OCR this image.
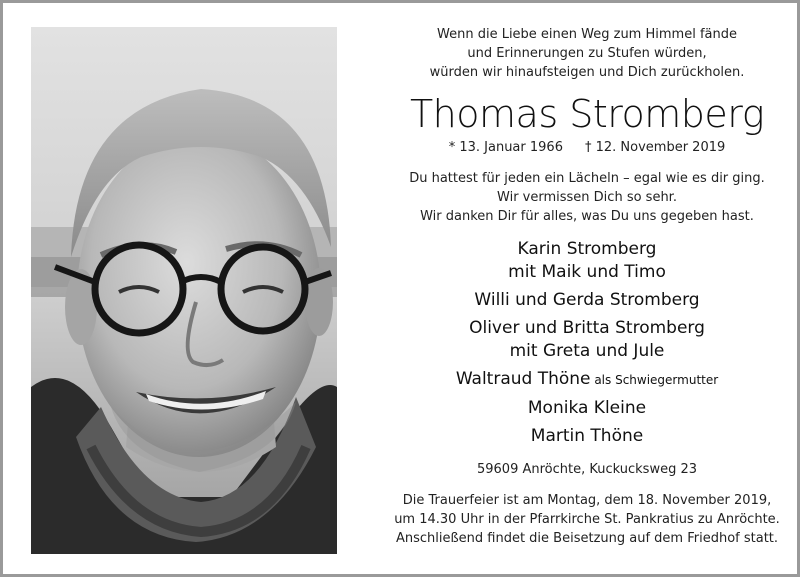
Wenn die Liebe einen Weg zum Himmel fände
und Erinnerungen zu Stufen würden,
würden wir hinaufsteigen und Dich zurückholen.
Thomas Stromberg
* 13. Januar 1966 † 12. November 2019
Du hattest für jeden ein Lächeln – egal wie es dir ging.
Wir vermissen Dich so sehr.
Wir danken Dir für alles, was Du uns gegeben hast.
Karin Stromberg
mit Maik und Timo
Willi und Gerda Stromberg
Oliver und Britta Stromberg
mit Greta und Jule
Waltraud Thöne als Schwiegermutter
Monika Kleine
Martin Thöne
59609 Anröchte, Kuckucksweg 23
Die Trauerfeier ist am Montag, dem 18. November 2019,
um 14.30 Uhr in der Pfarrkirche St. Pankratius zu Anröchte.
Anschließend findet die Beisetzung auf dem Friedhof statt.
